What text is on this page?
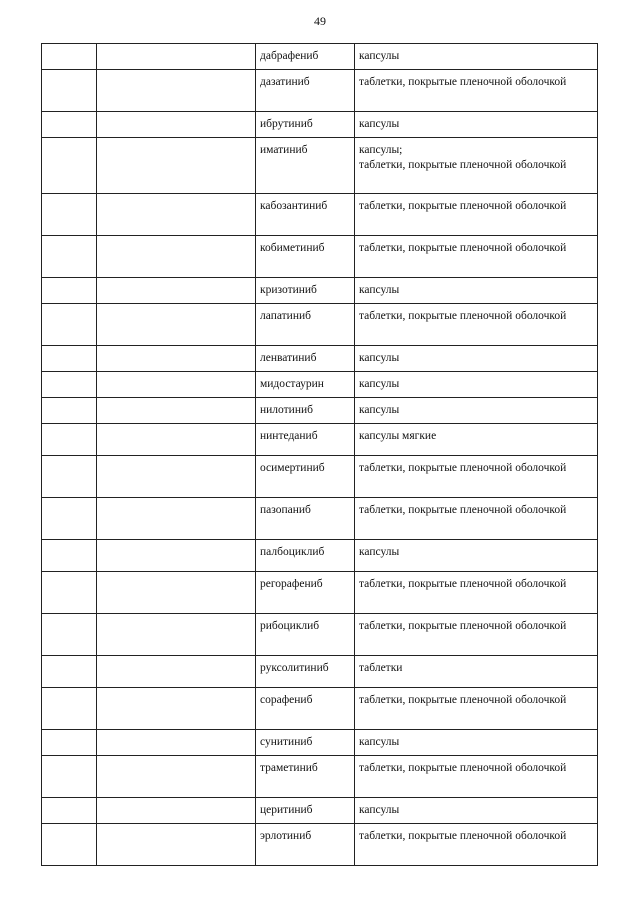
49
		дабрафениб	капсулы
		дазатиниб	таблетки, покрытые пленочной оболочкой
		ибрутиниб	капсулы
		иматиниб	капсулы;
таблетки, покрытые пленочной оболочкой
		кабозантиниб	таблетки, покрытые пленочной оболочкой
		кобиметиниб	таблетки, покрытые пленочной оболочкой
		кризотиниб	капсулы
		лапатиниб	таблетки, покрытые пленочной оболочкой
		ленватиниб	капсулы
		мидостаурин	капсулы
		нилотиниб	капсулы
		нинтеданиб	капсулы мягкие
		осимертиниб	таблетки, покрытые пленочной оболочкой
		пазопаниб	таблетки, покрытые пленочной оболочкой
		палбоциклиб	капсулы
		регорафениб	таблетки, покрытые пленочной оболочкой
		рибоциклиб	таблетки, покрытые пленочной оболочкой
		руксолитиниб	таблетки
		сорафениб	таблетки, покрытые пленочной оболочкой
		сунитиниб	капсулы
		траметиниб	таблетки, покрытые пленочной оболочкой
		церитиниб	капсулы
		эрлотиниб	таблетки, покрытые пленочной оболочкой
